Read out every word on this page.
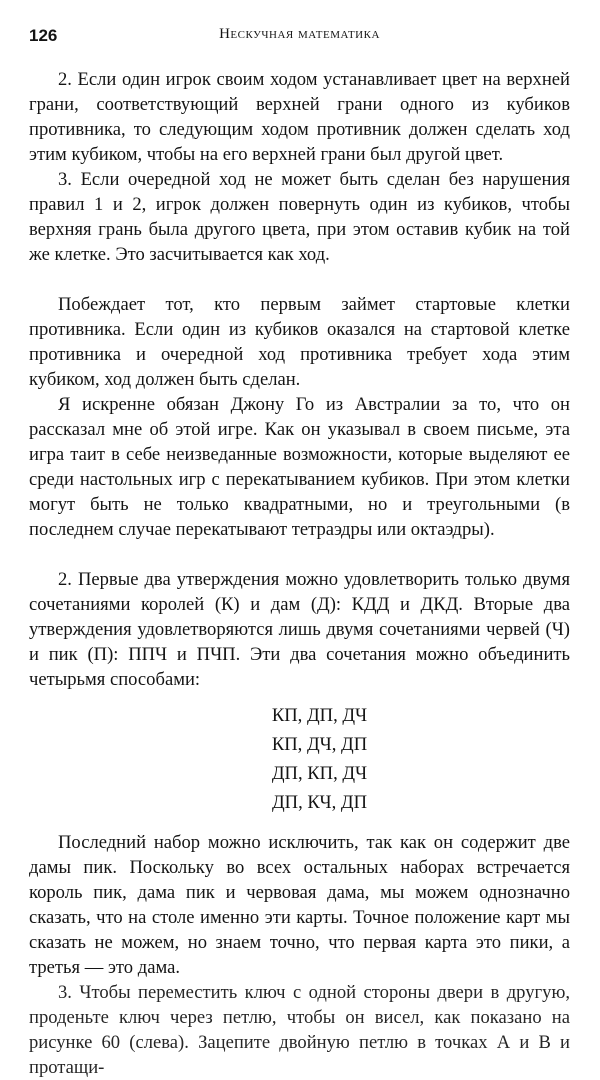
126	Нескучная математика

2. Если один игрок своим ходом устанавливает цвет на верхней грани, соответствующий верхней грани одного из кубиков противника, то следующим ходом противник должен сделать ход этим кубиком, чтобы на его верхней грани был другой цвет.

3. Если очередной ход не может быть сделан без нарушения правил 1 и 2, игрок должен повернуть один из кубиков, чтобы верхняя грань была другого цвета, при этом оставив кубик на той же клетке. Это засчитывается как ход.

Побеждает тот, кто первым займет стартовые клетки противника. Если один из кубиков оказался на стартовой клетке противника и очередной ход противника требует хода этим кубиком, ход должен быть сделан.

Я искренне обязан Джону Го из Австралии за то, что он рассказал мне об этой игре. Как он указывал в своем письме, эта игра таит в себе неизведанные возможности, которые выделяют ее среди настольных игр с перекатыванием кубиков. При этом клетки могут быть не только квадратными, но и треугольными (в последнем случае перекатывают тетраэдры или октаэдры).

2. Первые два утверждения можно удовлетворить только двумя сочетаниями королей (К) и дам (Д): КДД и ДКД. Вторые два утверждения удовлетворяются лишь двумя сочетаниями червей (Ч) и пик (П): ППЧ и ПЧП. Эти два сочетания можно объединить четырьмя способами:

КП, ДП, ДЧ
КП, ДЧ, ДП
ДП, КП, ДЧ
ДП, КЧ, ДП

Последний набор можно исключить, так как он содержит две дамы пик. Поскольку во всех остальных наборах встречается король пик, дама пик и червовая дама, мы можем однозначно сказать, что на столе именно эти карты. Точное положение карт мы сказать не можем, но знаем точно, что первая карта это пики, а третья — это дама.

3. Чтобы переместить ключ с одной стороны двери в другую, проденьте ключ через петлю, чтобы он висел, как показано на рисунке 60 (слева). Зацепите двойную петлю в точках А и В и протащи-
